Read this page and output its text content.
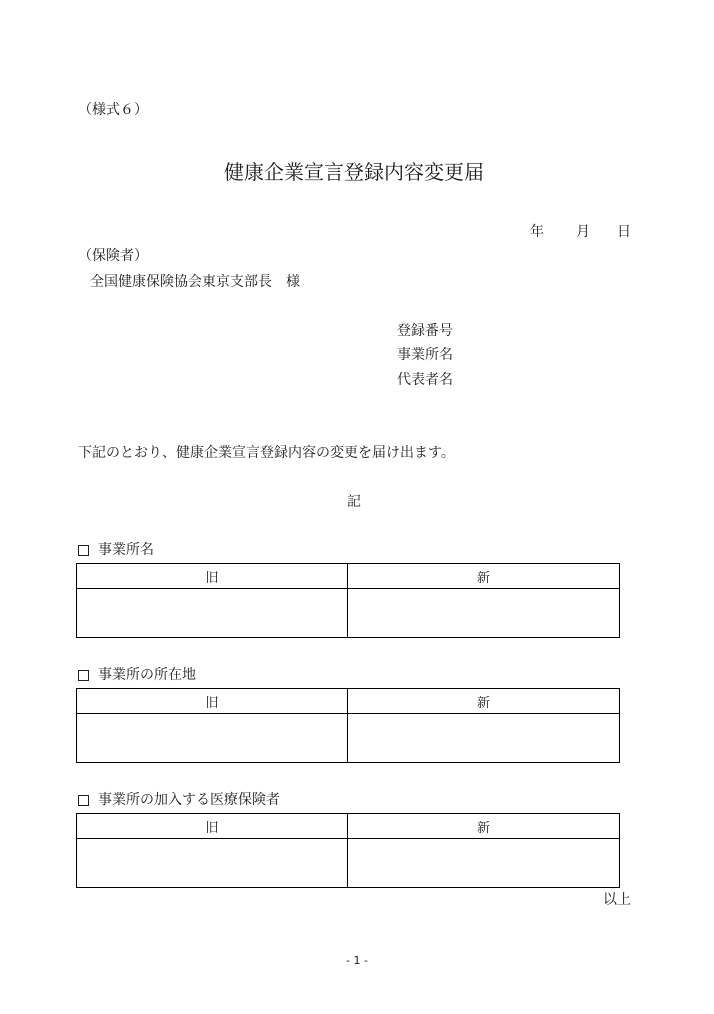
（様式６）
健康企業宣言登録内容変更届
年 月 日
（保険者）
全国健康保険協会東京支部長　様
登録番号
事業所名
代表者名
下記のとおり、健康企業宣言登録内容の変更を届け出ます。
記
事業所名
旧	新

事業所の所在地
旧	新

事業所の加入する医療保険者
旧	新

以上
- 1 -
